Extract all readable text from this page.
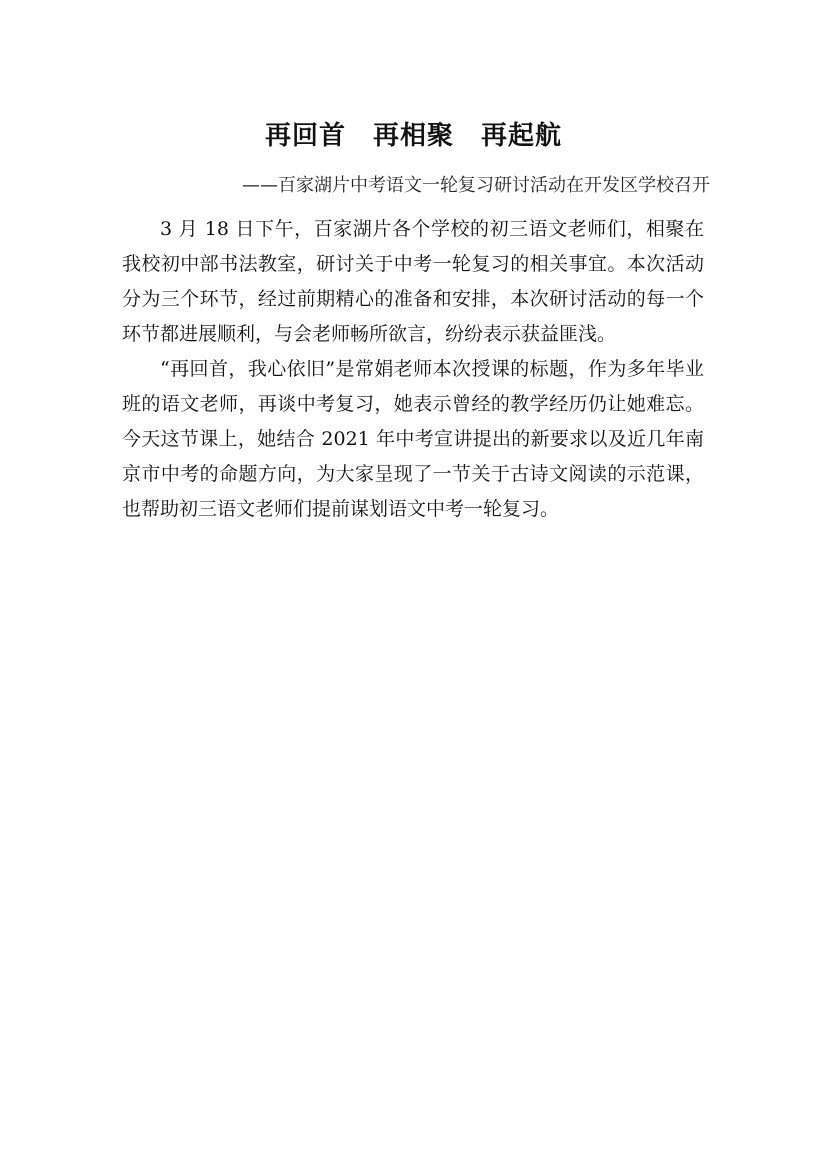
再回首　再相聚　再起航

——百家湖片中考语文一轮复习研讨活动在开发区学校召开

3 月 18 日下午，百家湖片各个学校的初三语文老师们，相聚在我校初中部书法教室，研讨关于中考一轮复习的相关事宜。本次活动分为三个环节，经过前期精心的准备和安排，本次研讨活动的每一个环节都进展顺利，与会老师畅所欲言，纷纷表示获益匪浅。

“再回首，我心依旧”是常娟老师本次授课的标题，作为多年毕业班的语文老师，再谈中考复习，她表示曾经的教学经历仍让她难忘。今天这节课上，她结合 2021 年中考宣讲提出的新要求以及近几年南京市中考的命题方向，为大家呈现了一节关于古诗文阅读的示范课，也帮助初三语文老师们提前谋划语文中考一轮复习。
